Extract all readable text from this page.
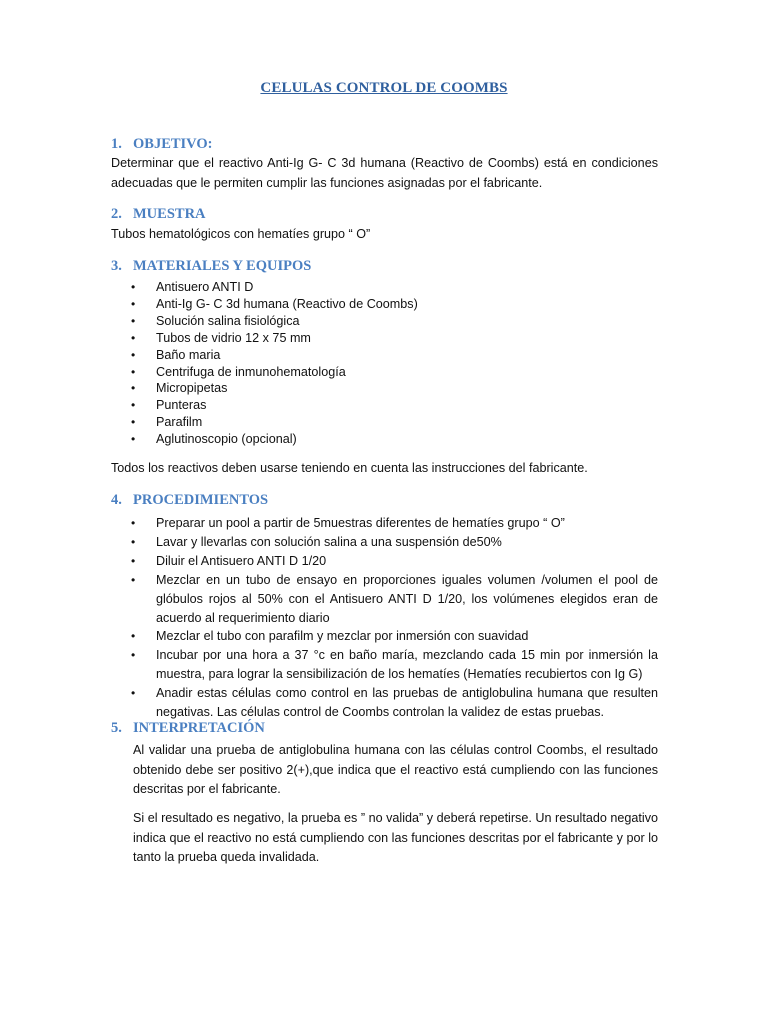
CELULAS CONTROL DE COOMBS
1. OBJETIVO:
Determinar que el reactivo Anti-Ig G- C 3d humana (Reactivo de Coombs) está en condiciones adecuadas que le permiten cumplir las funciones asignadas por el fabricante.
2. MUESTRA
Tubos hematológicos con hematíes grupo “ O”
3. MATERIALES Y EQUIPOS
• Antisuero ANTI D
• Anti-Ig G- C 3d humana (Reactivo de Coombs)
• Solución salina fisiológica
• Tubos de vidrio 12 x 75 mm
• Baño maria
• Centrifuga de inmunohematología
• Micropipetas
• Punteras
• Parafilm
• Aglutinoscopio (opcional)
Todos los reactivos deben usarse teniendo en cuenta las instrucciones del fabricante.
4. PROCEDIMIENTOS
• Preparar un pool a partir de 5muestras diferentes de hematíes grupo “ O”
• Lavar y llevarlas con solución salina a una suspensión de50%
• Diluir el Antisuero ANTI D 1/20
• Mezclar en un tubo de ensayo en proporciones iguales volumen /volumen el pool de glóbulos rojos al 50% con el Antisuero ANTI D 1/20, los volúmenes elegidos eran de acuerdo al requerimiento diario
• Mezclar el tubo con parafilm y mezclar por inmersión con suavidad
• Incubar por una hora a 37 °c en baño maría, mezclando cada 15 min por inmersión la muestra, para lograr la sensibilización de los hematíes (Hematíes recubiertos con Ig G)
• Anadir estas células como control en las pruebas de antiglobulina humana que resulten negativas. Las células control de Coombs controlan la validez de estas pruebas.
5. INTERPRETACIÓN
Al validar una prueba de antiglobulina humana con las células control Coombs, el resultado obtenido debe ser positivo 2(+),que indica que el reactivo está cumpliendo con las funciones descritas por el fabricante.
Si el resultado es negativo, la prueba es ” no valida” y deberá repetirse. Un resultado negativo indica que el reactivo no está cumpliendo con las funciones descritas por el fabricante y por lo tanto la prueba queda invalidada.
